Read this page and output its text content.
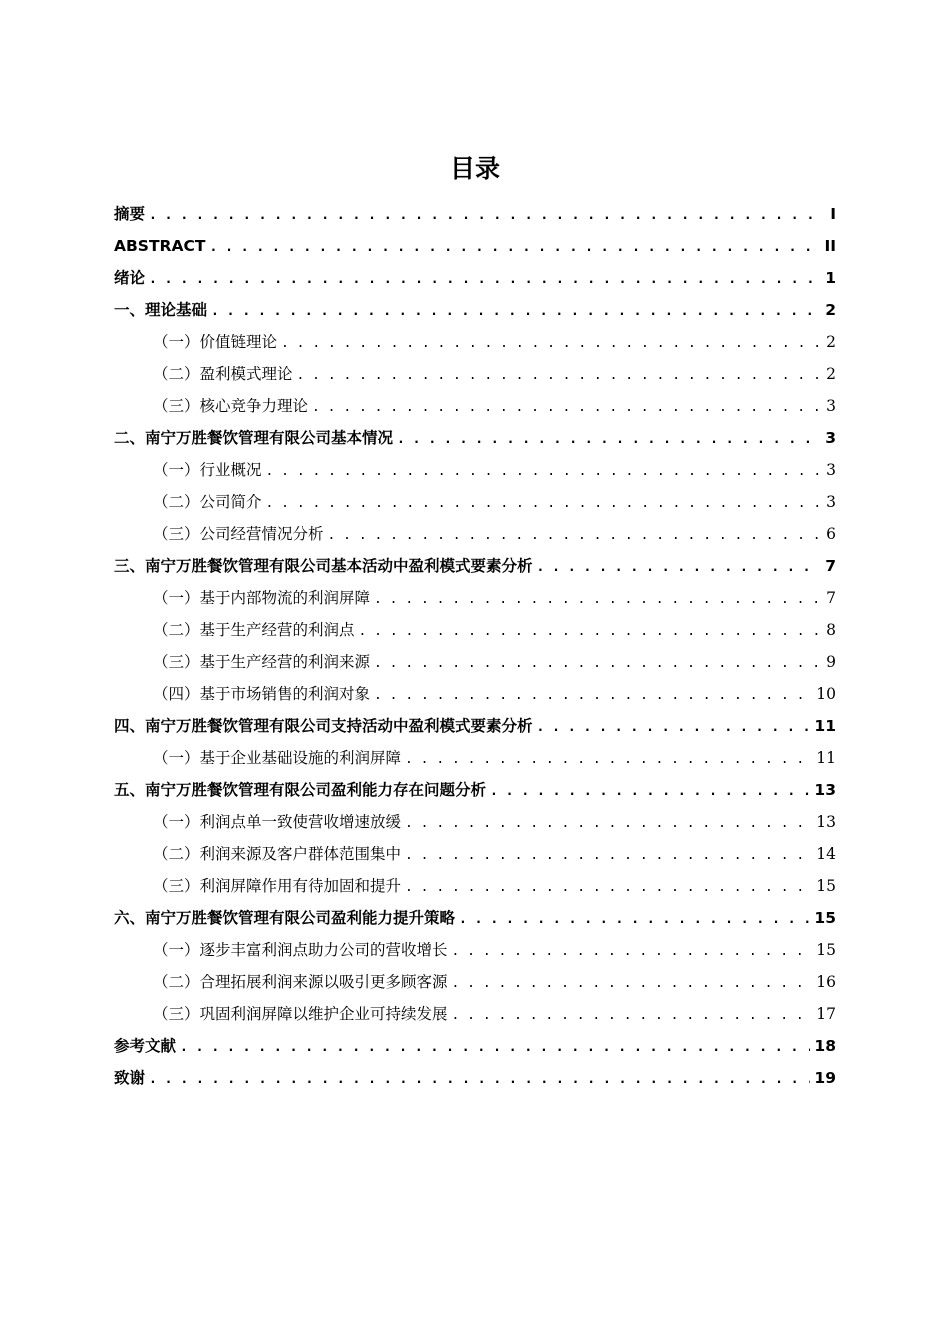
目录
摘要 . . .	I
ABSTRACT . . .	II
绪论 . . .	1
一、理论基础 . . .	2
（一）价值链理论 . . .	2
（二）盈利模式理论 . . .	2
（三）核心竞争力理论 . . .	3
二、南宁万胜餐饮管理有限公司基本情况 . . .	3
（一）行业概况 . . .	3
（二）公司简介 . . .	3
（三）公司经营情况分析 . . .	6
三、南宁万胜餐饮管理有限公司基本活动中盈利模式要素分析 . . .	7
（一）基于内部物流的利润屏障 . . .	7
（二）基于生产经营的利润点 . . .	8
（三）基于生产经营的利润来源 . . .	9
（四）基于市场销售的利润对象 . . .	10
四、南宁万胜餐饮管理有限公司支持活动中盈利模式要素分析 . . .	11
（一）基于企业基础设施的利润屏障 . . .	11
五、南宁万胜餐饮管理有限公司盈利能力存在问题分析 . . .	13
（一）利润点单一致使营收增速放缓 . . .	13
（二）利润来源及客户群体范围集中 . . .	14
（三）利润屏障作用有待加固和提升 . . .	15
六、南宁万胜餐饮管理有限公司盈利能力提升策略 . . .	15
（一）逐步丰富利润点助力公司的营收增长 . . .	15
（二）合理拓展利润来源以吸引更多顾客源 . . .	16
（三）巩固利润屏障以维护企业可持续发展 . . .	17
参考文献 . . .	18
致谢 . . .	19
